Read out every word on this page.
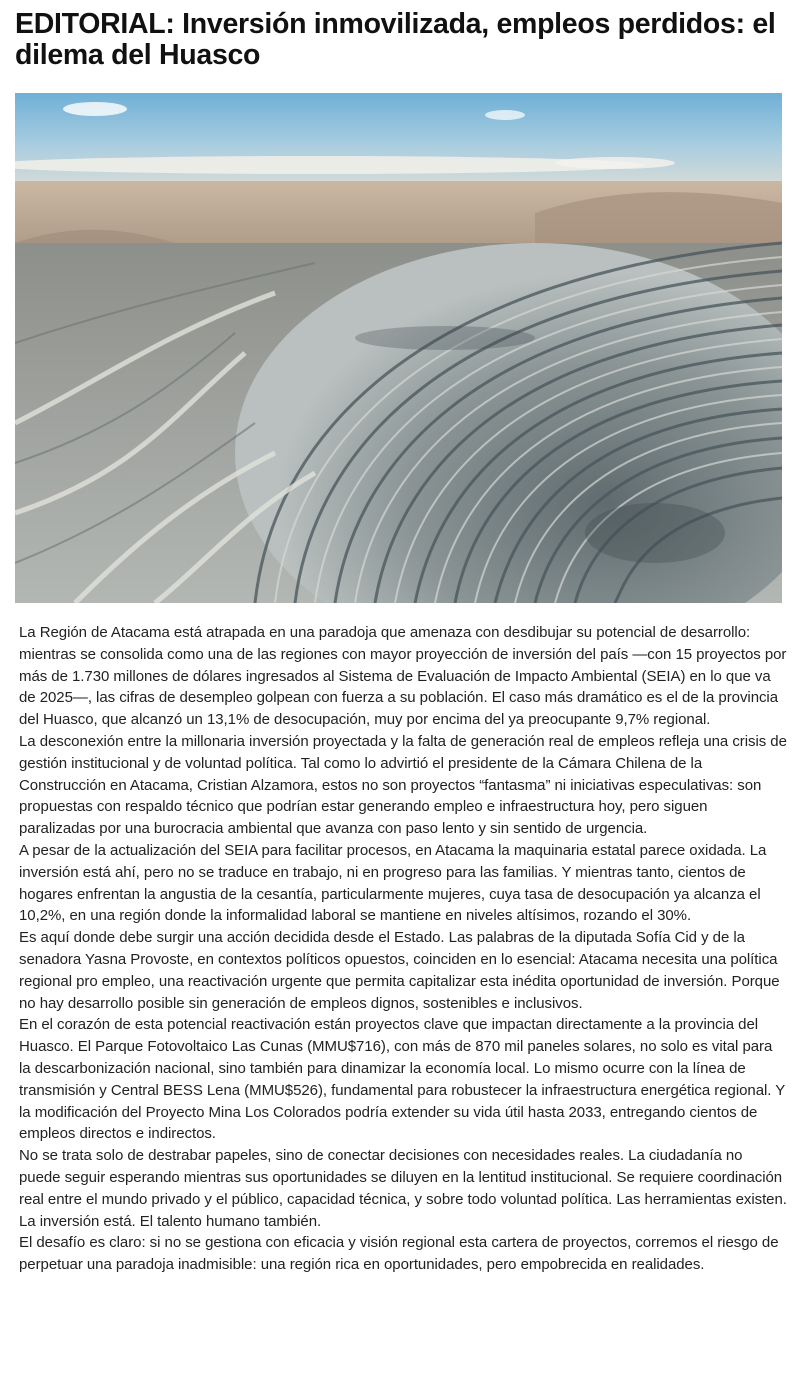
EDITORIAL: Inversión inmovilizada, empleos perdidos: el dilema del Huasco

La Región de Atacama está atrapada en una paradoja que amenaza con desdibujar su potencial de desarrollo: mientras se consolida como una de las regiones con mayor proyección de inversión del país —con 15 proyectos por más de 1.730 millones de dólares ingresados al Sistema de Evaluación de Impacto Ambiental (SEIA) en lo que va de 2025—, las cifras de desempleo golpean con fuerza a su población. El caso más dramático es el de la provincia del Huasco, que alcanzó un 13,1% de desocupación, muy por encima del ya preocupante 9,7% regional.

La desconexión entre la millonaria inversión proyectada y la falta de generación real de empleos refleja una crisis de gestión institucional y de voluntad política. Tal como lo advirtió el presidente de la Cámara Chilena de la Construcción en Atacama, Cristian Alzamora, estos no son proyectos “fantasma” ni iniciativas especulativas: son propuestas con respaldo técnico que podrían estar generando empleo e infraestructura hoy, pero siguen paralizadas por una burocracia ambiental que avanza con paso lento y sin sentido de urgencia.

A pesar de la actualización del SEIA para facilitar procesos, en Atacama la maquinaria estatal parece oxidada. La inversión está ahí, pero no se traduce en trabajo, ni en progreso para las familias. Y mientras tanto, cientos de hogares enfrentan la angustia de la cesantía, particularmente mujeres, cuya tasa de desocupación ya alcanza el 10,2%, en una región donde la informalidad laboral se mantiene en niveles altísimos, rozando el 30%.

Es aquí donde debe surgir una acción decidida desde el Estado. Las palabras de la diputada Sofía Cid y de la senadora Yasna Provoste, en contextos políticos opuestos, coinciden en lo esencial: Atacama necesita una política regional pro empleo, una reactivación urgente que permita capitalizar esta inédita oportunidad de inversión. Porque no hay desarrollo posible sin generación de empleos dignos, sostenibles e inclusivos.

En el corazón de esta potencial reactivación están proyectos clave que impactan directamente a la provincia del Huasco. El Parque Fotovoltaico Las Cunas (MMU$716), con más de 870 mil paneles solares, no solo es vital para la descarbonización nacional, sino también para dinamizar la economía local. Lo mismo ocurre con la línea de transmisión y Central BESS Lena (MMU$526), fundamental para robustecer la infraestructura energética regional. Y la modificación del Proyecto Mina Los Colorados podría extender su vida útil hasta 2033, entregando cientos de empleos directos e indirectos.

No se trata solo de destrabar papeles, sino de conectar decisiones con necesidades reales. La ciudadanía no puede seguir esperando mientras sus oportunidades se diluyen en la lentitud institucional. Se requiere coordinación real entre el mundo privado y el público, capacidad técnica, y sobre todo voluntad política. Las herramientas existen. La inversión está. El talento humano también.

El desafío es claro: si no se gestiona con eficacia y visión regional esta cartera de proyectos, corremos el riesgo de perpetuar una paradoja inadmisible: una región rica en oportunidades, pero empobrecida en realidades.
